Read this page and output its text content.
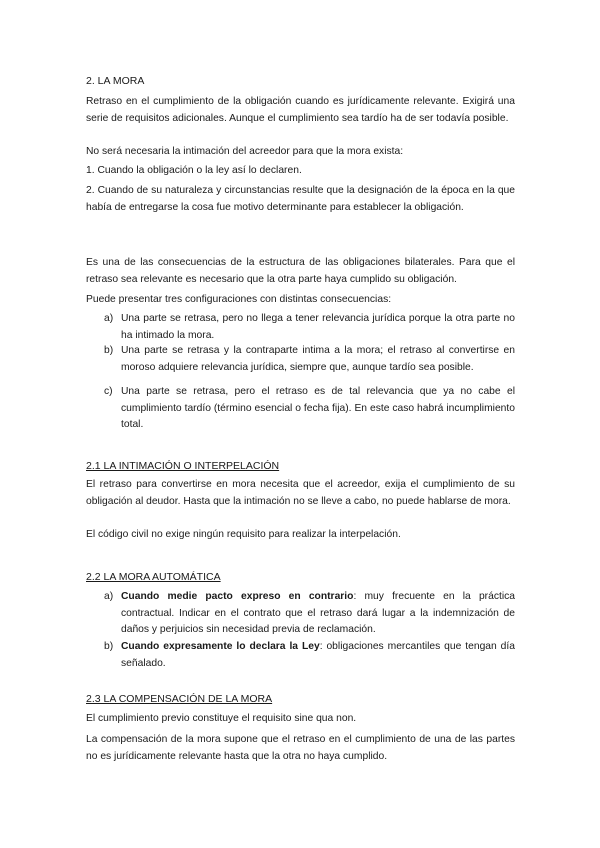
2. LA MORA

Retraso en el cumplimiento de la obligación cuando es jurídicamente relevante. Exigirá una serie de requisitos adicionales. Aunque el cumplimiento sea tardío ha de ser todavía posible.

No será necesaria la intimación del acreedor para que la mora exista:

1. Cuando la obligación o la ley así lo declaren.

2. Cuando de su naturaleza y circunstancias resulte que la designación de la época en la que había de entregarse la cosa fue motivo determinante para establecer la obligación.

Es una de las consecuencias de la estructura de las obligaciones bilaterales. Para que el retraso sea relevante es necesario que la otra parte haya cumplido su obligación.

Puede presentar tres configuraciones con distintas consecuencias:

a) Una parte se retrasa, pero no llega a tener relevancia jurídica porque la otra parte no ha intimado la mora.

b) Una parte se retrasa y la contraparte intima a la mora; el retraso al convertirse en moroso adquiere relevancia jurídica, siempre que, aunque tardío sea posible.

c) Una parte se retrasa, pero el retraso es de tal relevancia que ya no cabe el cumplimiento tardío (término esencial o fecha fija). En este caso habrá incumplimiento total.

2.1 LA INTIMACIÓN O INTERPELACIÓN

El retraso para convertirse en mora necesita que el acreedor, exija el cumplimiento de su obligación al deudor. Hasta que la intimación no se lleve a cabo, no puede hablarse de mora.

El código civil no exige ningún requisito para realizar la interpelación.

2.2 LA MORA AUTOMÁTICA

a) Cuando medie pacto expreso en contrario: muy frecuente en la práctica contractual. Indicar en el contrato que el retraso dará lugar a la indemnización de daños y perjuicios sin necesidad previa de reclamación.

b) Cuando expresamente lo declara la Ley: obligaciones mercantiles que tengan día señalado.

2.3 LA COMPENSACIÓN DE LA MORA

El cumplimiento previo constituye el requisito sine qua non.

La compensación de la mora supone que el retraso en el cumplimiento de una de las partes no es jurídicamente relevante hasta que la otra no haya cumplido.
